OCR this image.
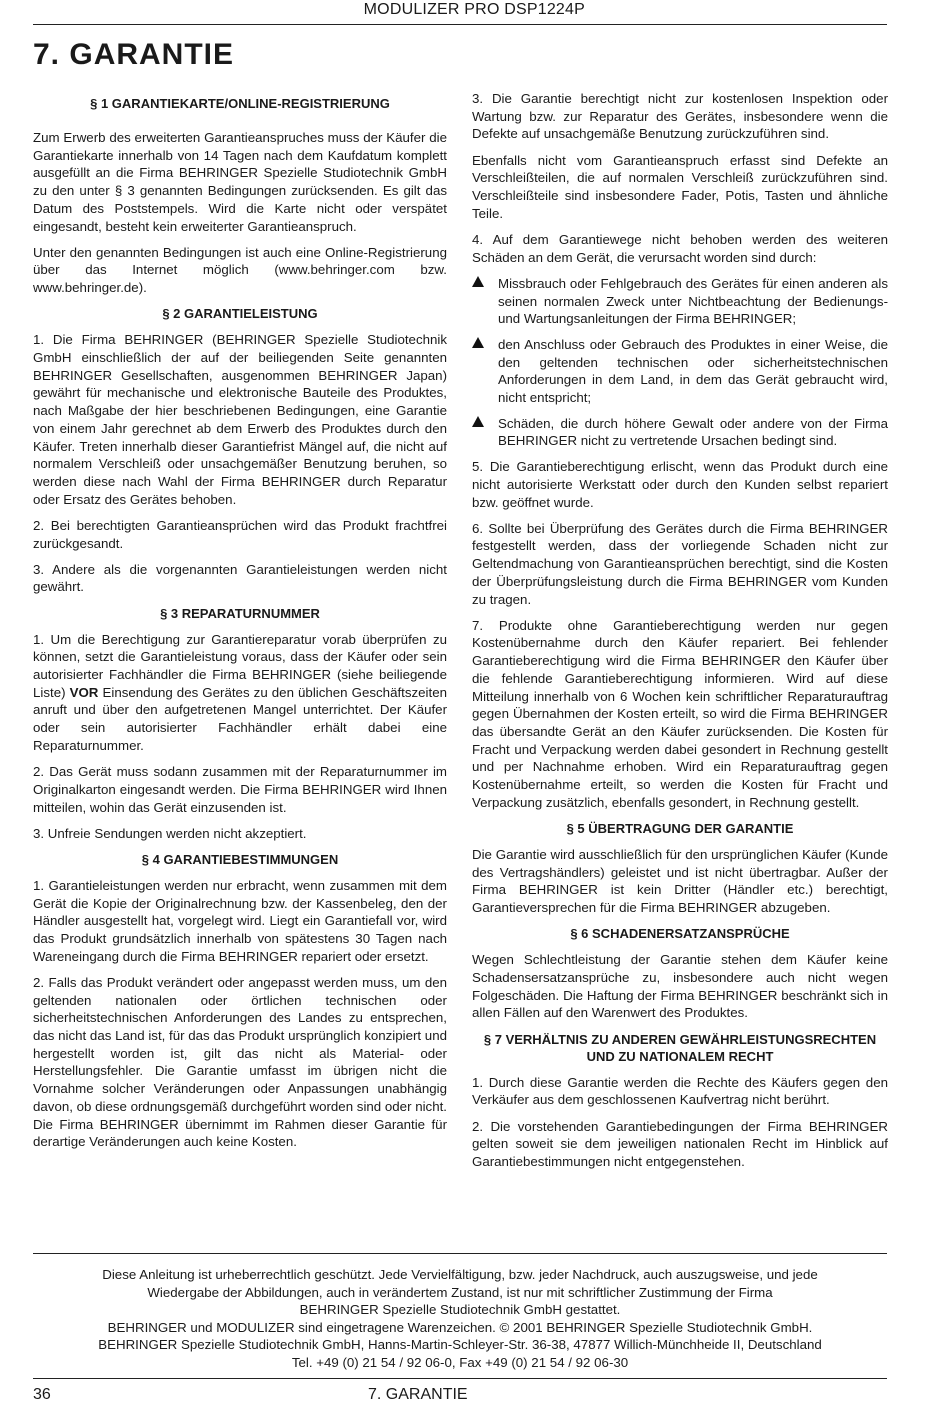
MODULIZER PRO DSP1224P
7. GARANTIE
§ 1 GARANTIEKARTE/ONLINE-REGISTRIERUNG
Zum Erwerb des erweiterten Garantieanspruches muss der Käufer die Garantiekarte innerhalb von 14 Tagen nach dem Kaufdatum komplett ausgefüllt an die Firma BEHRINGER Spezielle Studiotechnik GmbH zu den unter § 3 genannten Bedingungen zurücksenden. Es gilt das Datum des Poststempels. Wird die Karte nicht oder verspätet eingesandt, besteht kein erweiterter Garantieanspruch.
Unter den genannten Bedingungen ist auch eine Online-Registrierung über das Internet möglich (www.behringer.com bzw. www.behringer.de).
§ 2 GARANTIELEISTUNG
1. Die Firma BEHRINGER (BEHRINGER Spezielle Studiotechnik GmbH einschließlich der auf der beiliegenden Seite genannten BEHRINGER Gesellschaften, ausgenommen BEHRINGER Japan) gewährt für mechanische und elektronische Bauteile des Produktes, nach Maßgabe der hier beschriebenen Bedingungen, eine Garantie von einem Jahr gerechnet ab dem Erwerb des Produktes durch den Käufer. Treten innerhalb dieser Garantiefrist Mängel auf, die nicht auf normalem Verschleiß oder unsachgemäßer Benutzung beruhen, so werden diese nach Wahl der Firma BEHRINGER durch Reparatur oder Ersatz des Gerätes behoben.
2. Bei berechtigten Garantieansprüchen wird das Produkt frachtfrei zurückgesandt.
3. Andere als die vorgenannten Garantieleistungen werden nicht gewährt.
§ 3 REPARATURNUMMER
1. Um die Berechtigung zur Garantiereparatur vorab überprüfen zu können, setzt die Garantieleistung voraus, dass der Käufer oder sein autorisierter Fachhändler die Firma BEHRINGER (siehe beiliegende Liste) VOR Einsendung des Gerätes zu den üblichen Geschäftszeiten anruft und über den aufgetretenen Mangel unterrichtet. Der Käufer oder sein autorisierter Fachhändler erhält dabei eine Reparaturnummer.
2. Das Gerät muss sodann zusammen mit der Reparaturnummer im Originalkarton eingesandt werden. Die Firma BEHRINGER wird Ihnen mitteilen, wohin das Gerät einzusenden ist.
3. Unfreie Sendungen werden nicht akzeptiert.
§ 4 GARANTIEBESTIMMUNGEN
1. Garantieleistungen werden nur erbracht, wenn zusammen mit dem Gerät die Kopie der Originalrechnung bzw. der Kassenbeleg, den der Händler ausgestellt hat, vorgelegt wird. Liegt ein Garantiefall vor, wird das Produkt grundsätzlich innerhalb von spätestens 30 Tagen nach Wareneingang durch die Firma BEHRINGER repariert oder ersetzt.
2. Falls das Produkt verändert oder angepasst werden muss, um den geltenden nationalen oder örtlichen technischen oder sicherheitstechnischen Anforderungen des Landes zu entsprechen, das nicht das Land ist, für das das Produkt ursprünglich konzipiert und hergestellt worden ist, gilt das nicht als Material- oder Herstellungsfehler. Die Garantie umfasst im übrigen nicht die Vornahme solcher Veränderungen oder Anpassungen unabhängig davon, ob diese ordnungsgemäß durchgeführt worden sind oder nicht. Die Firma BEHRINGER übernimmt im Rahmen dieser Garantie für derartige Veränderungen auch keine Kosten.
3. Die Garantie berechtigt nicht zur kostenlosen Inspektion oder Wartung bzw. zur Reparatur des Gerätes, insbesondere wenn die Defekte auf unsachgemäße Benutzung zurückzuführen sind.
Ebenfalls nicht vom Garantieanspruch erfasst sind Defekte an Verschleißteilen, die auf normalen Verschleiß zurückzuführen sind. Verschleißteile sind insbesondere Fader, Potis, Tasten und ähnliche Teile.
4. Auf dem Garantiewege nicht behoben werden des weiteren Schäden an dem Gerät, die verursacht worden sind durch:
Missbrauch oder Fehlgebrauch des Gerätes für einen anderen als seinen normalen Zweck unter Nichtbeachtung der Bedienungs- und Wartungsanleitungen der Firma BEHRINGER;
den Anschluss oder Gebrauch des Produktes in einer Weise, die den geltenden technischen oder sicherheitstechnischen Anforderungen in dem Land, in dem das Gerät gebraucht wird, nicht entspricht;
Schäden, die durch höhere Gewalt oder andere von der Firma BEHRINGER nicht zu vertretende Ursachen bedingt sind.
5. Die Garantieberechtigung erlischt, wenn das Produkt durch eine nicht autorisierte Werkstatt oder durch den Kunden selbst repariert bzw. geöffnet wurde.
6. Sollte bei Überprüfung des Gerätes durch die Firma BEHRINGER festgestellt werden, dass der vorliegende Schaden nicht zur Geltendmachung von Garantieansprüchen berechtigt, sind die Kosten der Überprüfungsleistung durch die Firma BEHRINGER vom Kunden zu tragen.
7. Produkte ohne Garantieberechtigung werden nur gegen Kostenübernahme durch den Käufer repariert. Bei fehlender Garantieberechtigung wird die Firma BEHRINGER den Käufer über die fehlende Garantieberechtigung informieren. Wird auf diese Mitteilung innerhalb von 6 Wochen kein schriftlicher Reparaturauftrag gegen Übernahmen der Kosten erteilt, so wird die Firma BEHRINGER das übersandte Gerät an den Käufer zurücksenden. Die Kosten für Fracht und Verpackung werden dabei gesondert in Rechnung gestellt und per Nachnahme erhoben. Wird ein Reparaturauftrag gegen Kostenübernahme erteilt, so werden die Kosten für Fracht und Verpackung zusätzlich, ebenfalls gesondert, in Rechnung gestellt.
§ 5 ÜBERTRAGUNG DER GARANTIE
Die Garantie wird ausschließlich für den ursprünglichen Käufer (Kunde des Vertragshändlers) geleistet und ist nicht übertragbar. Außer der Firma BEHRINGER ist kein Dritter (Händler etc.) berechtigt, Garantieversprechen für die Firma BEHRINGER abzugeben.
§ 6 SCHADENERSATZANSPRÜCHE
Wegen Schlechtleistung der Garantie stehen dem Käufer keine Schadensersatzansprüche zu, insbesondere auch nicht wegen Folgeschäden. Die Haftung der Firma BEHRINGER beschränkt sich in allen Fällen auf den Warenwert des Produktes.
§ 7 VERHÄLTNIS ZU ANDEREN GEWÄHRLEISTUNGSRECHTEN
UND ZU NATIONALEM RECHT
1. Durch diese Garantie werden die Rechte des Käufers gegen den Verkäufer aus dem geschlossenen Kaufvertrag nicht berührt.
2. Die vorstehenden Garantiebedingungen der Firma BEHRINGER gelten soweit sie dem jeweiligen nationalen Recht im Hinblick auf Garantiebestimmungen nicht entgegenstehen.
Diese Anleitung ist urheberrechtlich geschützt. Jede Vervielfältigung, bzw. jeder Nachdruck, auch auszugsweise, und jede
Wiedergabe der Abbildungen, auch in verändertem Zustand, ist nur mit schriftlicher Zustimmung der Firma
BEHRINGER Spezielle Studiotechnik GmbH gestattet.
BEHRINGER und MODULIZER sind eingetragene Warenzeichen. © 2001 BEHRINGER Spezielle Studiotechnik GmbH.
BEHRINGER Spezielle Studiotechnik GmbH, Hanns-Martin-Schleyer-Str. 36-38, 47877 Willich-Münchheide II, Deutschland
Tel. +49 (0) 21 54 / 92 06-0, Fax +49 (0) 21 54 / 92 06-30
36	7. GARANTIE
